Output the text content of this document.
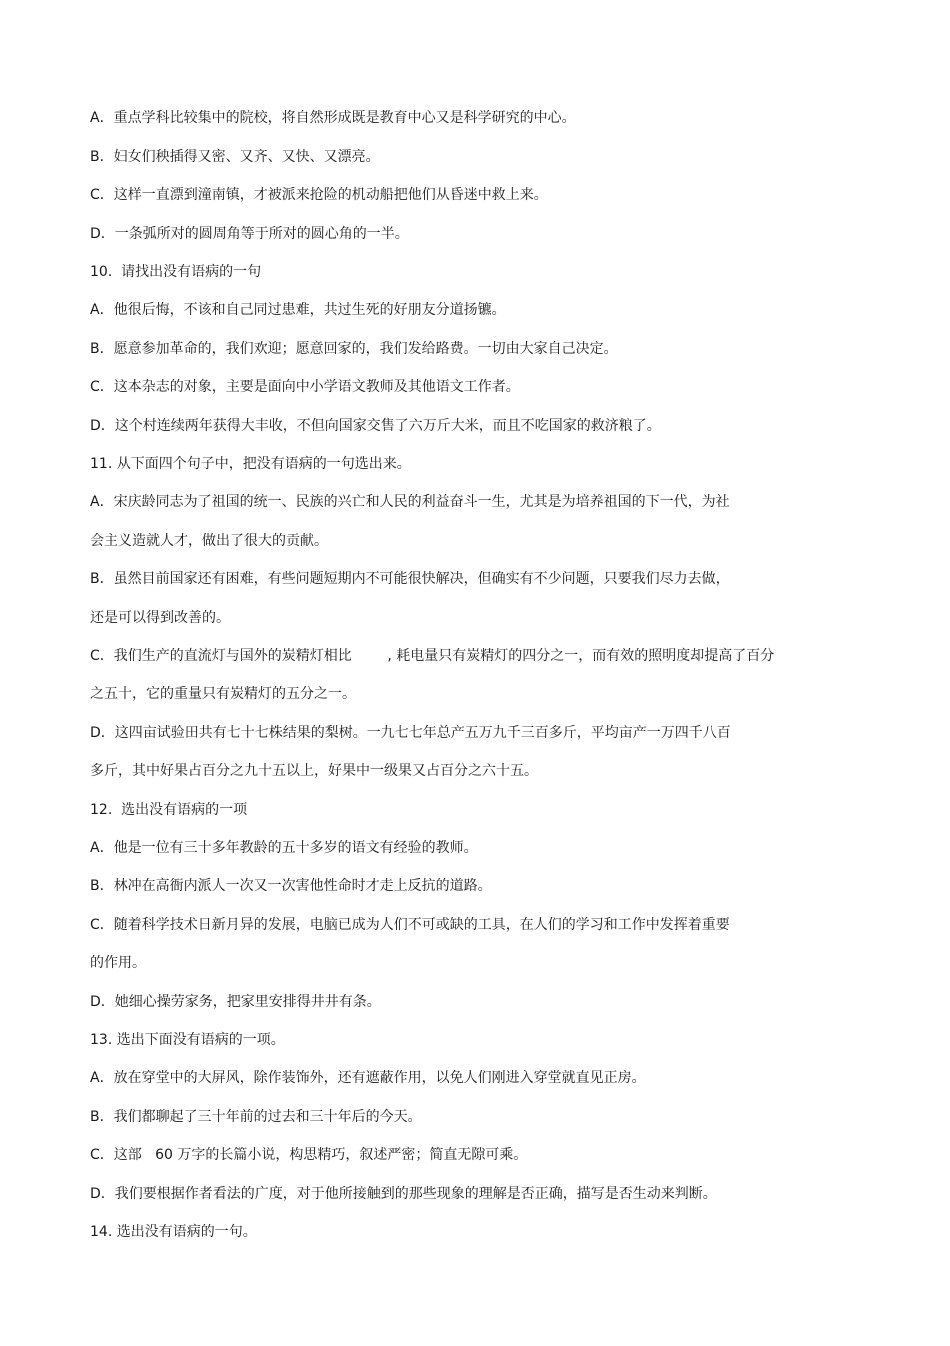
A．重点学科比较集中的院校，将自然形成既是教育中心又是科学研究的中心。

B．妇女们秧插得又密、又齐、又快、又漂亮。

C．这样一直漂到潼南镇，才被派来抢险的机动船把他们从昏迷中救上来。

D．一条弧所对的圆周角等于所对的圆心角的一半。

10.  请找出没有语病的一句

A．他很后悔，不该和自己同过患难，共过生死的好朋友分道扬镳。

B．愿意参加革命的，我们欢迎；愿意回家的，我们发给路费。一切由大家自己决定。

C．这本杂志的对象，主要是面向中小学语文教师及其他语文工作者。

D．这个村连续两年获得大丰收，不但向国家交售了六万斤大米，而且不吃国家的救济粮了。

11. 从下面四个句子中，把没有语病的一句选出来。

A．宋庆龄同志为了祖国的统一、民族的兴亡和人民的利益奋斗一生，尤其是为培养祖国的下一代，为社

会主义造就人才，做出了很大的贡献。

B．虽然目前国家还有困难，有些问题短期内不可能很快解决，但确实有不少问题，只要我们尽力去做，

还是可以得到改善的。

C．我们生产的直流灯与国外的炭精灯相比        , 耗电量只有炭精灯的四分之一，而有效的照明度却提高了百分

之五十，它的重量只有炭精灯的五分之一。

D．这四亩试验田共有七十七株结果的梨树。一九七七年总产五万九千三百多斤，平均亩产一万四千八百

多斤，其中好果占百分之九十五以上，好果中一级果又占百分之六十五。

12.  选出没有语病的一项

A．他是一位有三十多年教龄的五十多岁的语文有经验的教师。

B．林冲在高衙内派人一次又一次害他性命时才走上反抗的道路。

C．随着科学技术日新月异的发展，电脑已成为人们不可或缺的工具，在人们的学习和工作中发挥着重要

的作用。

D．她细心操劳家务，把家里安排得井井有条。

13. 选出下面没有语病的一项。

A．放在穿堂中的大屏风，除作装饰外，还有遮蔽作用，以免人们刚进入穿堂就直见正房。

B．我们都聊起了三十年前的过去和三十年后的今天。

C．这部   60 万字的长篇小说，构思精巧，叙述严密；简直无隙可乘。

D．我们要根据作者看法的广度，对于他所接触到的那些现象的理解是否正确，描写是否生动来判断。

14. 选出没有语病的一句。
